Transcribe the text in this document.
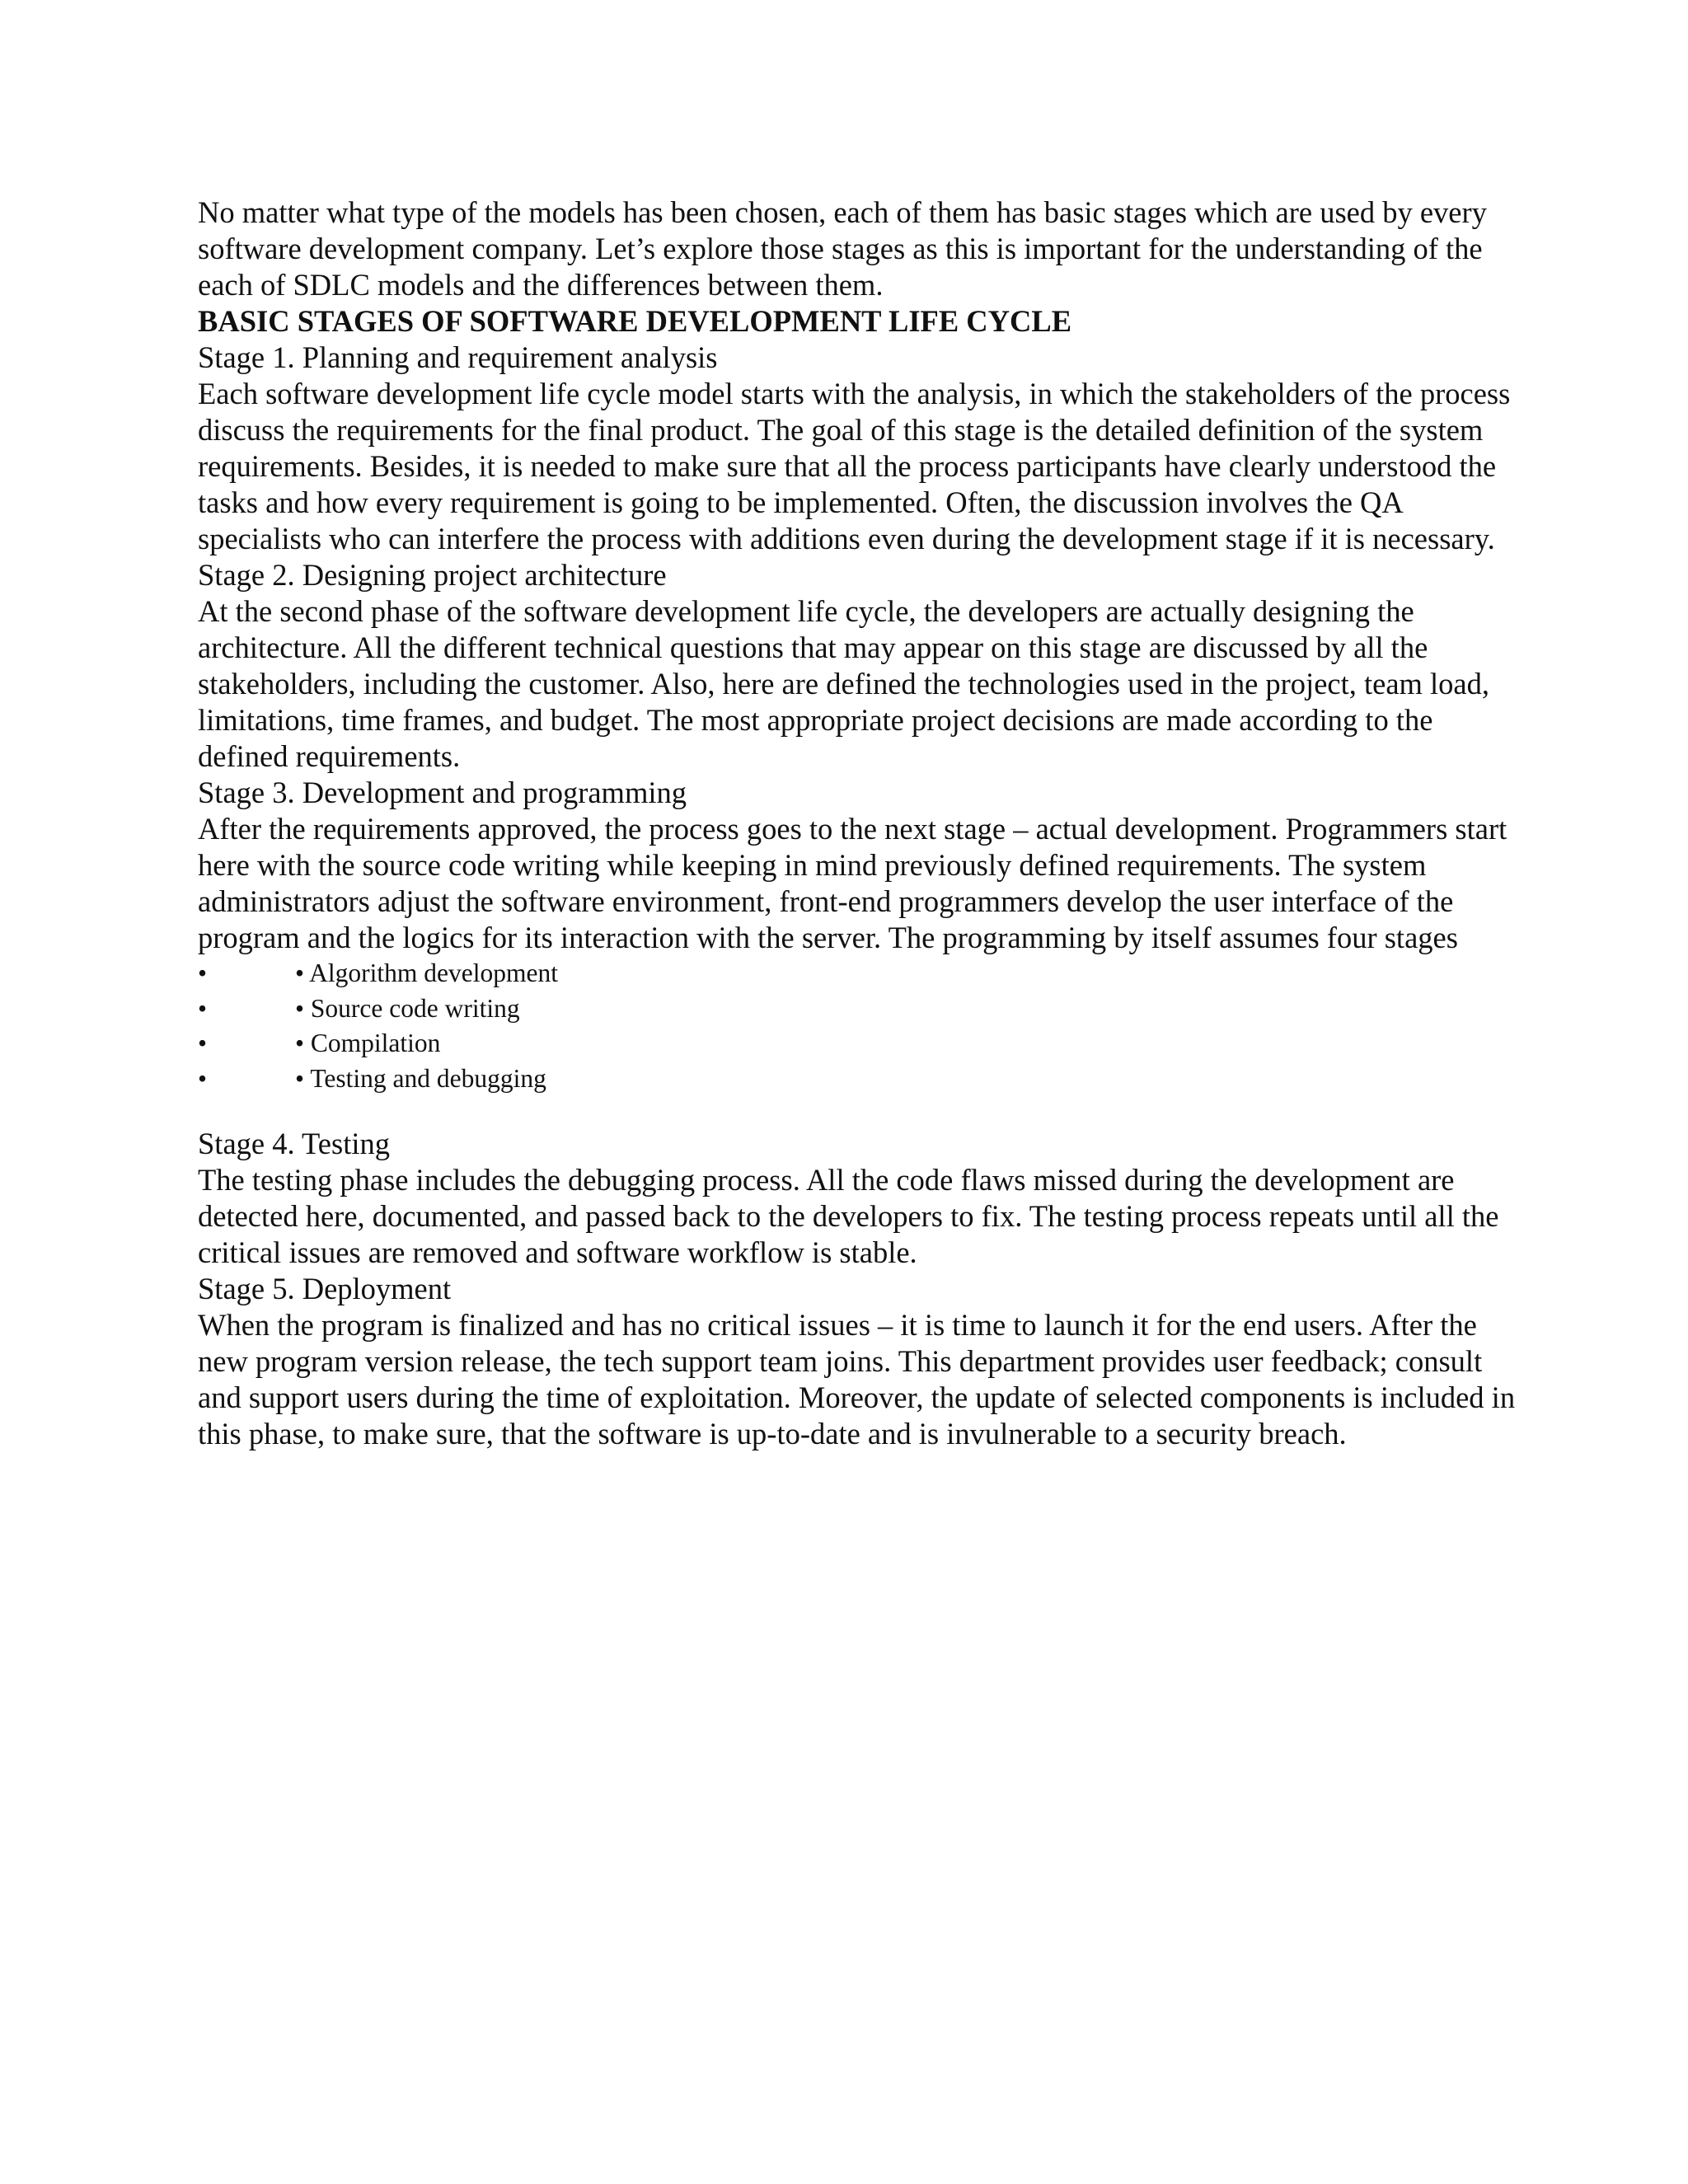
No matter what type of the models has been chosen, each of them has basic stages which are used by every software development company. Let’s explore those stages as this is important for the understanding of the each of SDLC models and the differences between them.

BASIC STAGES OF SOFTWARE DEVELOPMENT LIFE CYCLE

Stage 1. Planning and requirement analysis

Each software development life cycle model starts with the analysis, in which the stakeholders of the process discuss the requirements for the final product. The goal of this stage is the detailed definition of the system requirements. Besides, it is needed to make sure that all the process participants have clearly understood the tasks and how every requirement is going to be implemented. Often, the discussion involves the QA specialists who can interfere the process with additions even during the development stage if it is necessary.

Stage 2. Designing project architecture

At the second phase of the software development life cycle, the developers are actually designing the architecture. All the different technical questions that may appear on this stage are discussed by all the stakeholders, including the customer. Also, here are defined the technologies used in the project, team load, limitations, time frames, and budget. The most appropriate project decisions are made according to the defined requirements.

Stage 3. Development and programming

After the requirements approved, the process goes to the next stage – actual development. Programmers start here with the source code writing while keeping in mind previously defined requirements. The system administrators adjust the software environment, front-end programmers develop the user interface of the program and the logics for its interaction with the server. The programming by itself assumes four stages

•	• Algorithm development
•	• Source code writing
•	• Compilation
•	• Testing and debugging

Stage 4. Testing

The testing phase includes the debugging process. All the code flaws missed during the development are detected here, documented, and passed back to the developers to fix. The testing process repeats until all the critical issues are removed and software workflow is stable.

Stage 5. Deployment

When the program is finalized and has no critical issues – it is time to launch it for the end users. After the new program version release, the tech support team joins. This department provides user feedback; consult and support users during the time of exploitation. Moreover, the update of selected components is included in this phase, to make sure, that the software is up-to-date and is invulnerable to a security breach.
